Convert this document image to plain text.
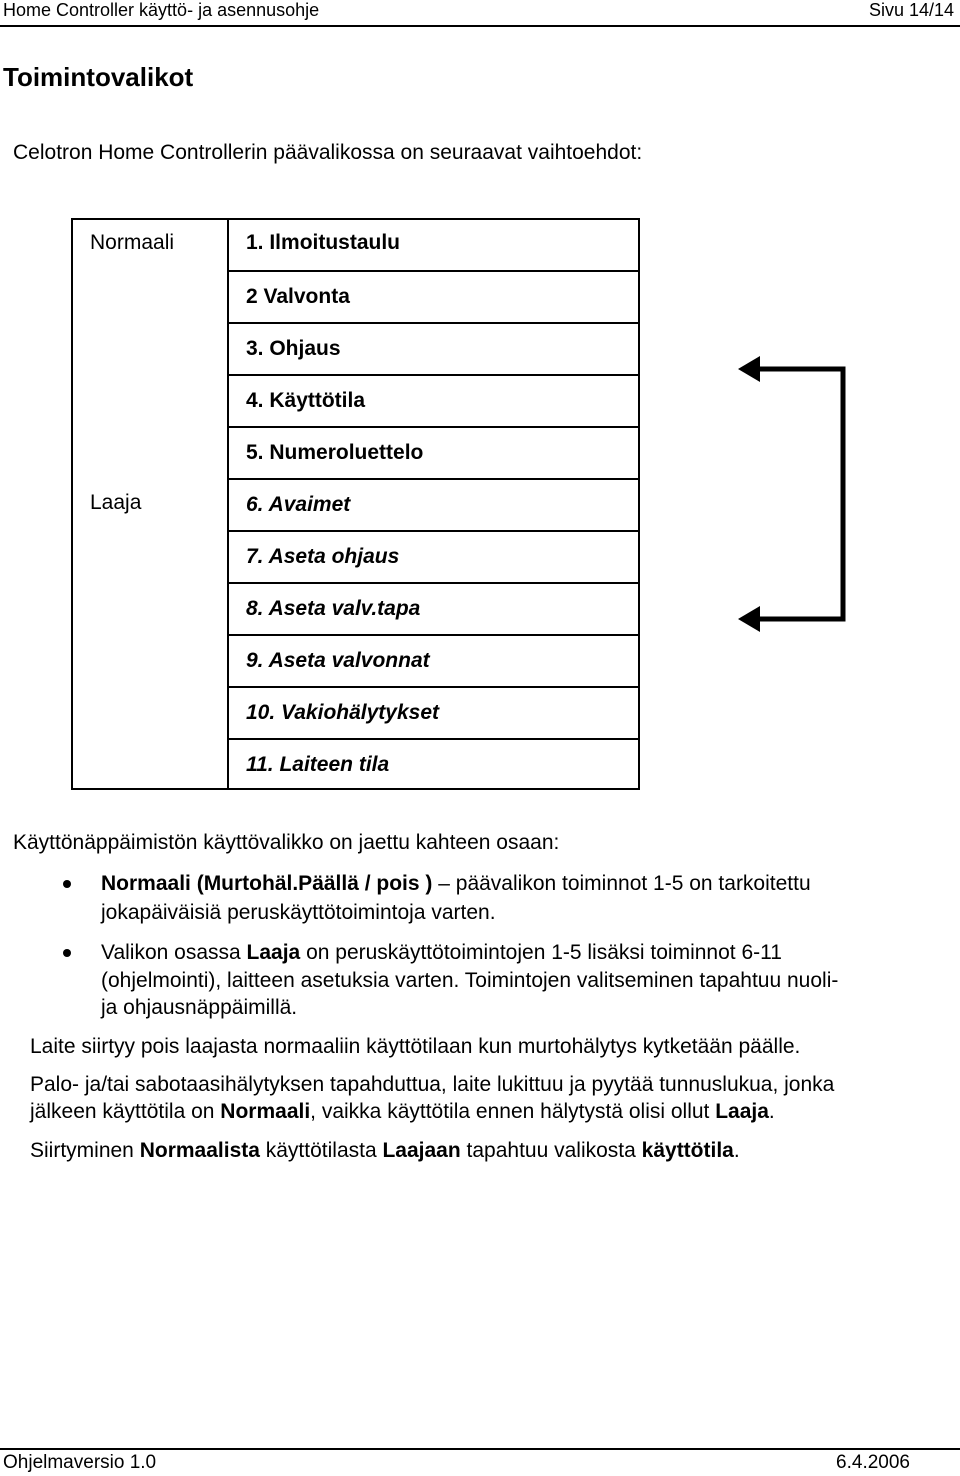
Home Controller käyttö- ja asennusohje	Sivu 14/14
Toimintovalikot
Celotron Home Controllerin päävalikossa on seuraavat vaihtoehdot:
Normaali	1. Ilmoitustaulu
2 Valvonta
3. Ohjaus
4. Käyttötila
5. Numeroluettelo
Laaja	6. Avaimet
7. Aseta ohjaus
8. Aseta valv.tapa
9. Aseta valvonnat
10. Vakiohälytykset
11. Laiteen tila
Käyttönäppäimistön käyttövalikko on jaettu kahteen osaan:
Normaali (Murtohäl.Päällä / pois ) – päävalikon toiminnot 1-5 on tarkoitettu
jokapäiväisiä peruskäyttötoimintoja varten.
Valikon osassa Laaja on peruskäyttötoimintojen 1-5 lisäksi toiminnot 6-11
(ohjelmointi), laitteen asetuksia varten. Toimintojen valitseminen tapahtuu nuoli-
ja ohjausnäppäimillä.
Laite siirtyy pois laajasta normaaliin käyttötilaan kun murtohälytys kytketään päälle.
Palo- ja/tai sabotaasihälytyksen tapahduttua, laite lukittuu ja pyytää tunnuslukua, jonka
jälkeen käyttötila on Normaali, vaikka käyttötila ennen hälytystä olisi ollut Laaja.
Siirtyminen Normaalista käyttötilasta Laajaan tapahtuu valikosta käyttötila.
Ohjelmaversio 1.0	6.4.2006
